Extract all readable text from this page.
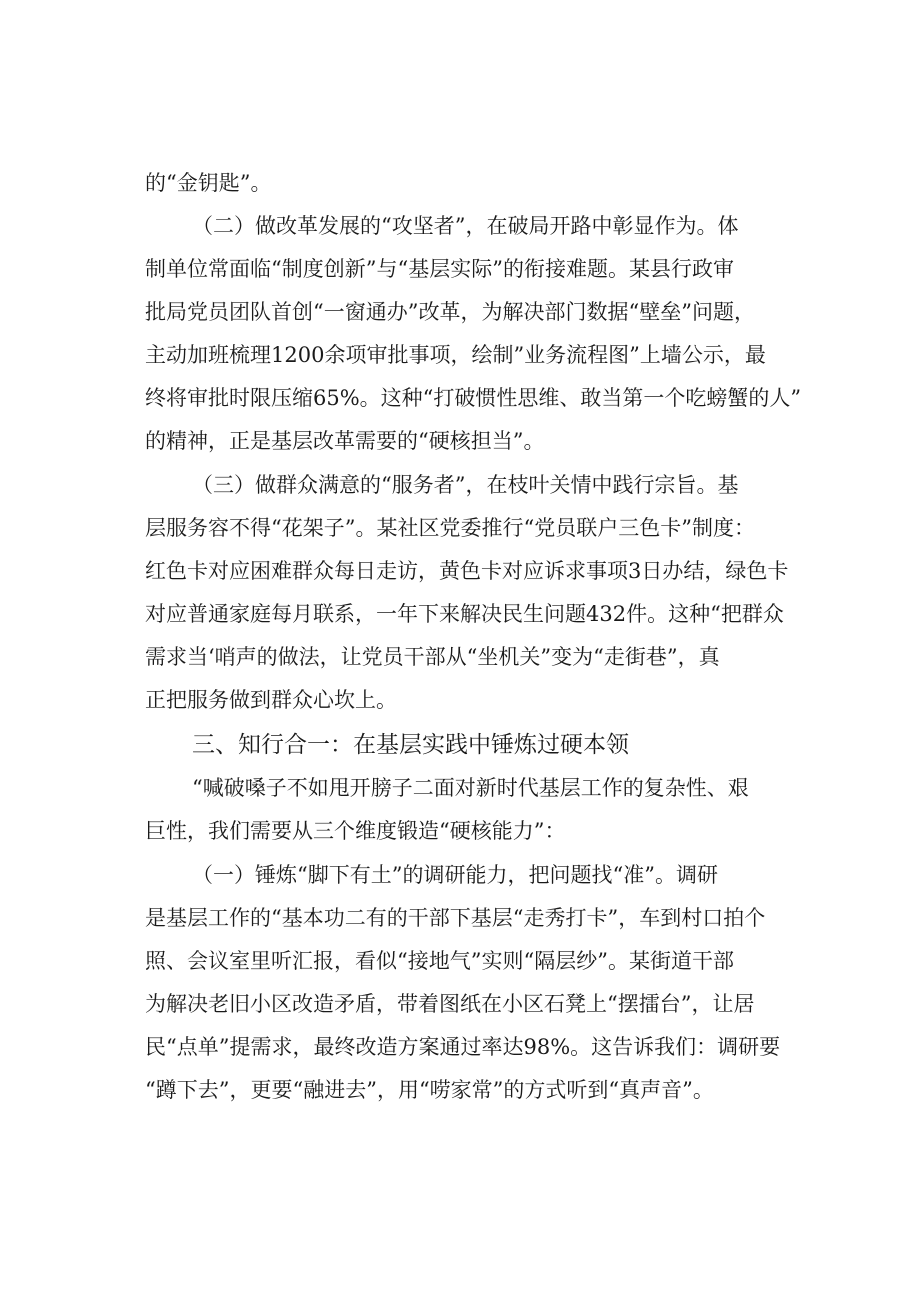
的“金钥匙”。
（二）做改革发展的“攻坚者”，在破局开路中彰显作为。体
制单位常面临“制度创新”与“基层实际”的衔接难题。某县行政审
批局党员团队首创“一窗通办”改革，为解决部门数据“壁垒”问题，
主动加班梳理1200余项审批事项，绘制”业务流程图”上墙公示，最
终将审批时限压缩65%。这种“打破惯性思维、敢当第一个吃螃蟹的人”
的精神，正是基层改革需要的“硬核担当”。
（三）做群众满意的“服务者”，在枝叶关情中践行宗旨。基
层服务容不得“花架子”。某社区党委推行“党员联户三色卡”制度：
红色卡对应困难群众每日走访，黄色卡对应诉求事项3日办结，绿色卡
对应普通家庭每月联系，一年下来解决民生问题432件。这种“把群众
需求当‘哨声的做法，让党员干部从“坐机关”变为“走街巷”，真
正把服务做到群众心坎上。
三、知行合一：在基层实践中锤炼过硬本领
“喊破嗓子不如甩开膀子二面对新时代基层工作的复杂性、艰
巨性，我们需要从三个维度锻造“硬核能力”：
（一）锤炼“脚下有土”的调研能力，把问题找“准”。调研
是基层工作的“基本功二有的干部下基层“走秀打卡”，车到村口拍个
照、会议室里听汇报，看似“接地气”实则“隔层纱”。某街道干部
为解决老旧小区改造矛盾，带着图纸在小区石凳上“摆擂台”，让居
民“点单”提需求，最终改造方案通过率达98%。这告诉我们：调研要
“蹲下去”，更要“融进去”，用“唠家常”的方式听到“真声音”。
